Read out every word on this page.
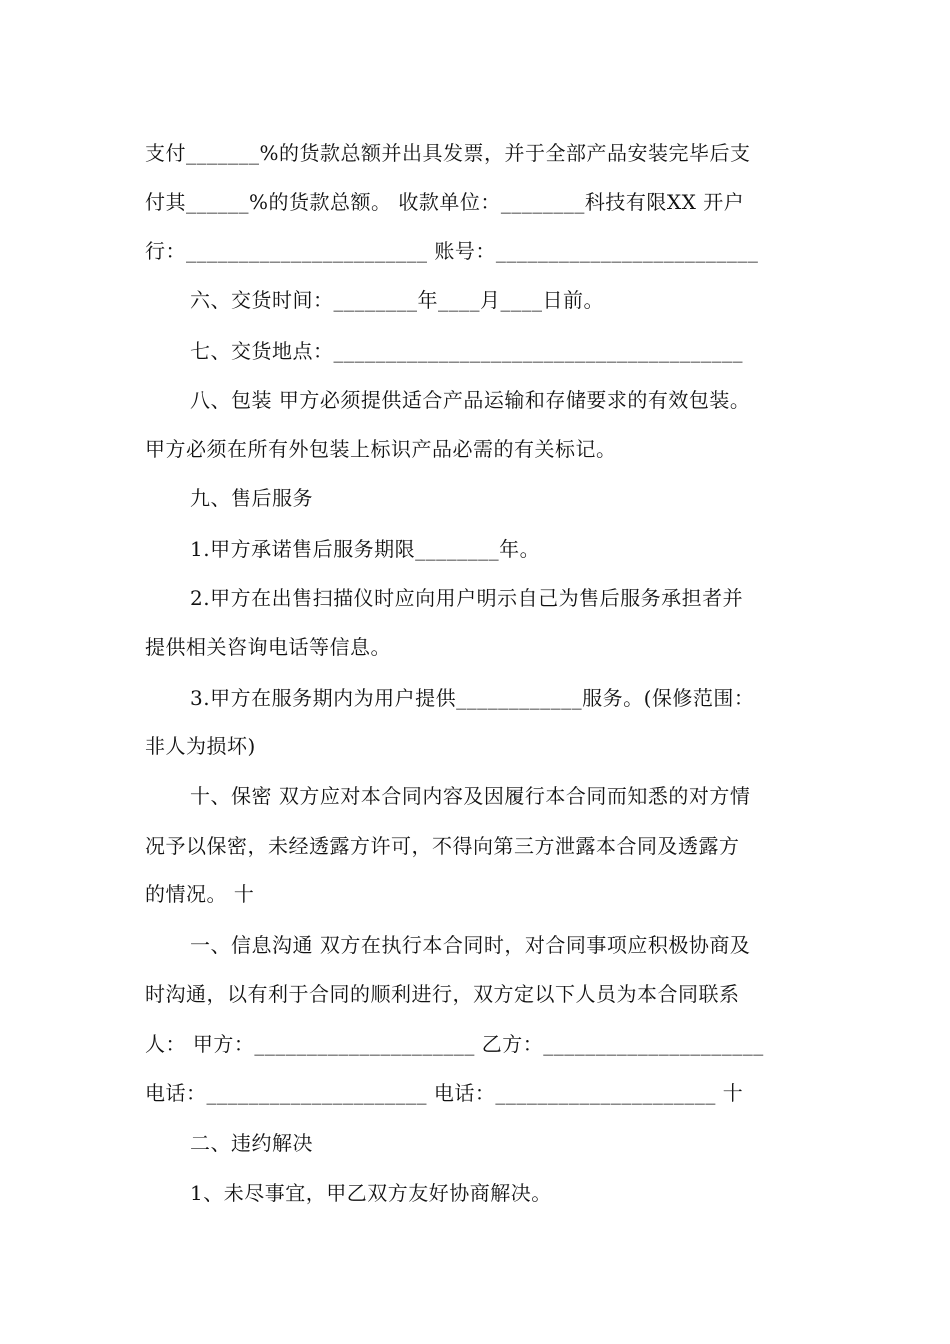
支付_______%的货款总额并出具发票，并于全部产品安装完毕后支
付其______%的货款总额。 收款单位：________科技有限XX 开户
行：_______________________ 账号：_________________________
六、交货时间：________年____月____日前。
七、交货地点：_______________________________________
八、包装 甲方必须提供适合产品运输和存储要求的有效包装。
甲方必须在所有外包装上标识产品必需的有关标记。
九、售后服务
1.甲方承诺售后服务期限________年。
2.甲方在出售扫描仪时应向用户明示自己为售后服务承担者并
提供相关咨询电话等信息。
3.甲方在服务期内为用户提供____________服务。(保修范围：
非人为损坏)
十、保密 双方应对本合同内容及因履行本合同而知悉的对方情
况予以保密，未经透露方许可，不得向第三方泄露本合同及透露方
的情况。 十
一、信息沟通 双方在执行本合同时，对合同事项应积极协商及
时沟通，以有利于合同的顺利进行，双方定以下人员为本合同联系
人： 甲方：_____________________ 乙方：_____________________
电话：_____________________ 电话：_____________________ 十
二、违约解决
1、未尽事宜，甲乙双方友好协商解决。
